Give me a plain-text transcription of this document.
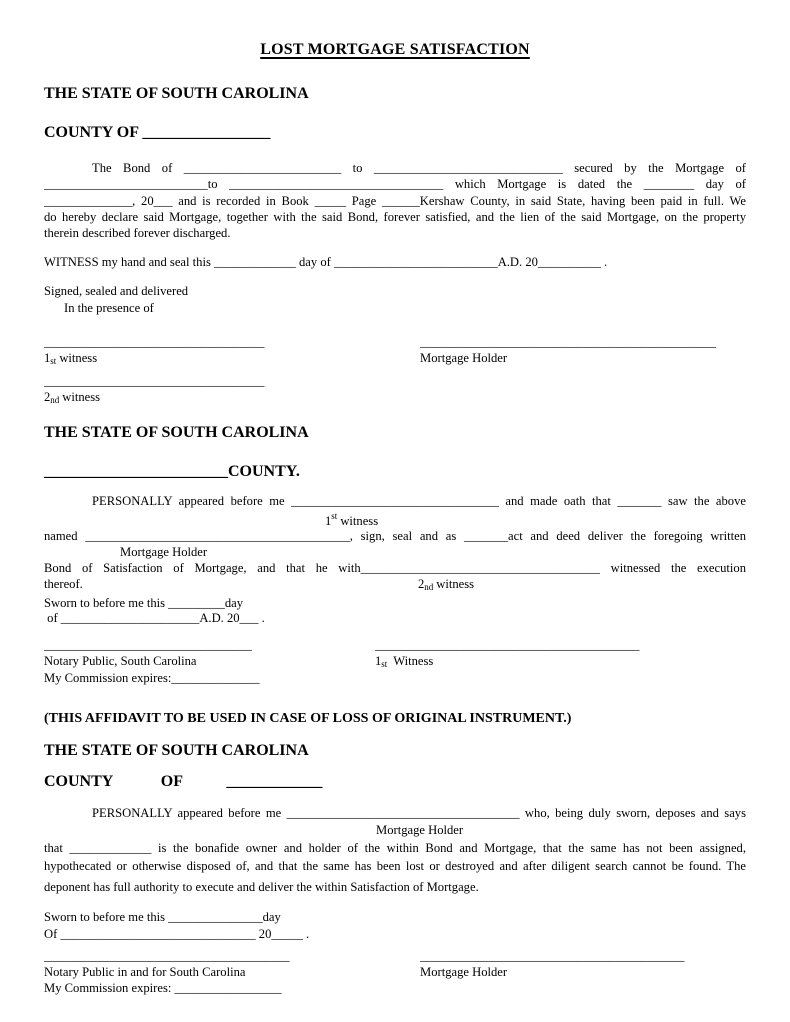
LOST MORTGAGE SATISFACTION
THE STATE OF SOUTH CAROLINA
COUNTY OF ________________
The Bond of _________________________ to ______________________________ secured by the Mortgage of
__________________________to __________________________________ which Mortgage is dated the ________ day of
______________, 20___ and is recorded in Book _____ Page ______Kershaw County, in said State, having been paid in full. We
do hereby declare said Mortgage, together with the said Bond, forever satisfied, and the lien of the said Mortgage, on the property
therein described forever discharged.
WITNESS my hand and seal this _____________ day of __________________________A.D. 20__________ .
Signed, sealed and delivered
In the presence of
___________________________________
$1_{st}$ witness
___________________________________
$2_{nd}$ witness
_______________________________________________
Mortgage Holder
THE STATE OF SOUTH CAROLINA
_______________________COUNTY.
PERSONALLY appeared before me _________________________________ and made oath that _______ saw the above
1st witness
named __________________________________________, sign, seal and as _______act and deed deliver the foregoing written
Mortgage Holder
Bond of Satisfaction of Mortgage, and that he with______________________________________ witnessed the execution
thereof.	$2_{nd}$ witness
Sworn to before me this _________day
of ______________________A.D. 20___ .
_________________________________
Notary Public, South Carolina
My Commission expires:______________
__________________________________________
$1_{st}$ Witness
(THIS AFFIDAVIT TO BE USED IN CASE OF LOSS OF ORIGINAL INSTRUMENT.)
THE STATE OF SOUTH CAROLINA
COUNTY            OF           ____________
PERSONALLY appeared before me _____________________________________ who, being duly sworn, deposes and says
Mortgage Holder
that _____________ is the bonafide owner and holder of the within Bond and Mortgage, that the same has not been assigned,
hypothecated or otherwise disposed of, and that the same has been lost or destroyed and after diligent search cannot be found. The
deponent has full authority to execute and deliver the within Satisfaction of Mortgage.
Sworn to before me this _______________day
Of _______________________________ 20_____ .
_______________________________________
Notary Public in and for South Carolina
My Commission expires: _________________
__________________________________________
Mortgage Holder
